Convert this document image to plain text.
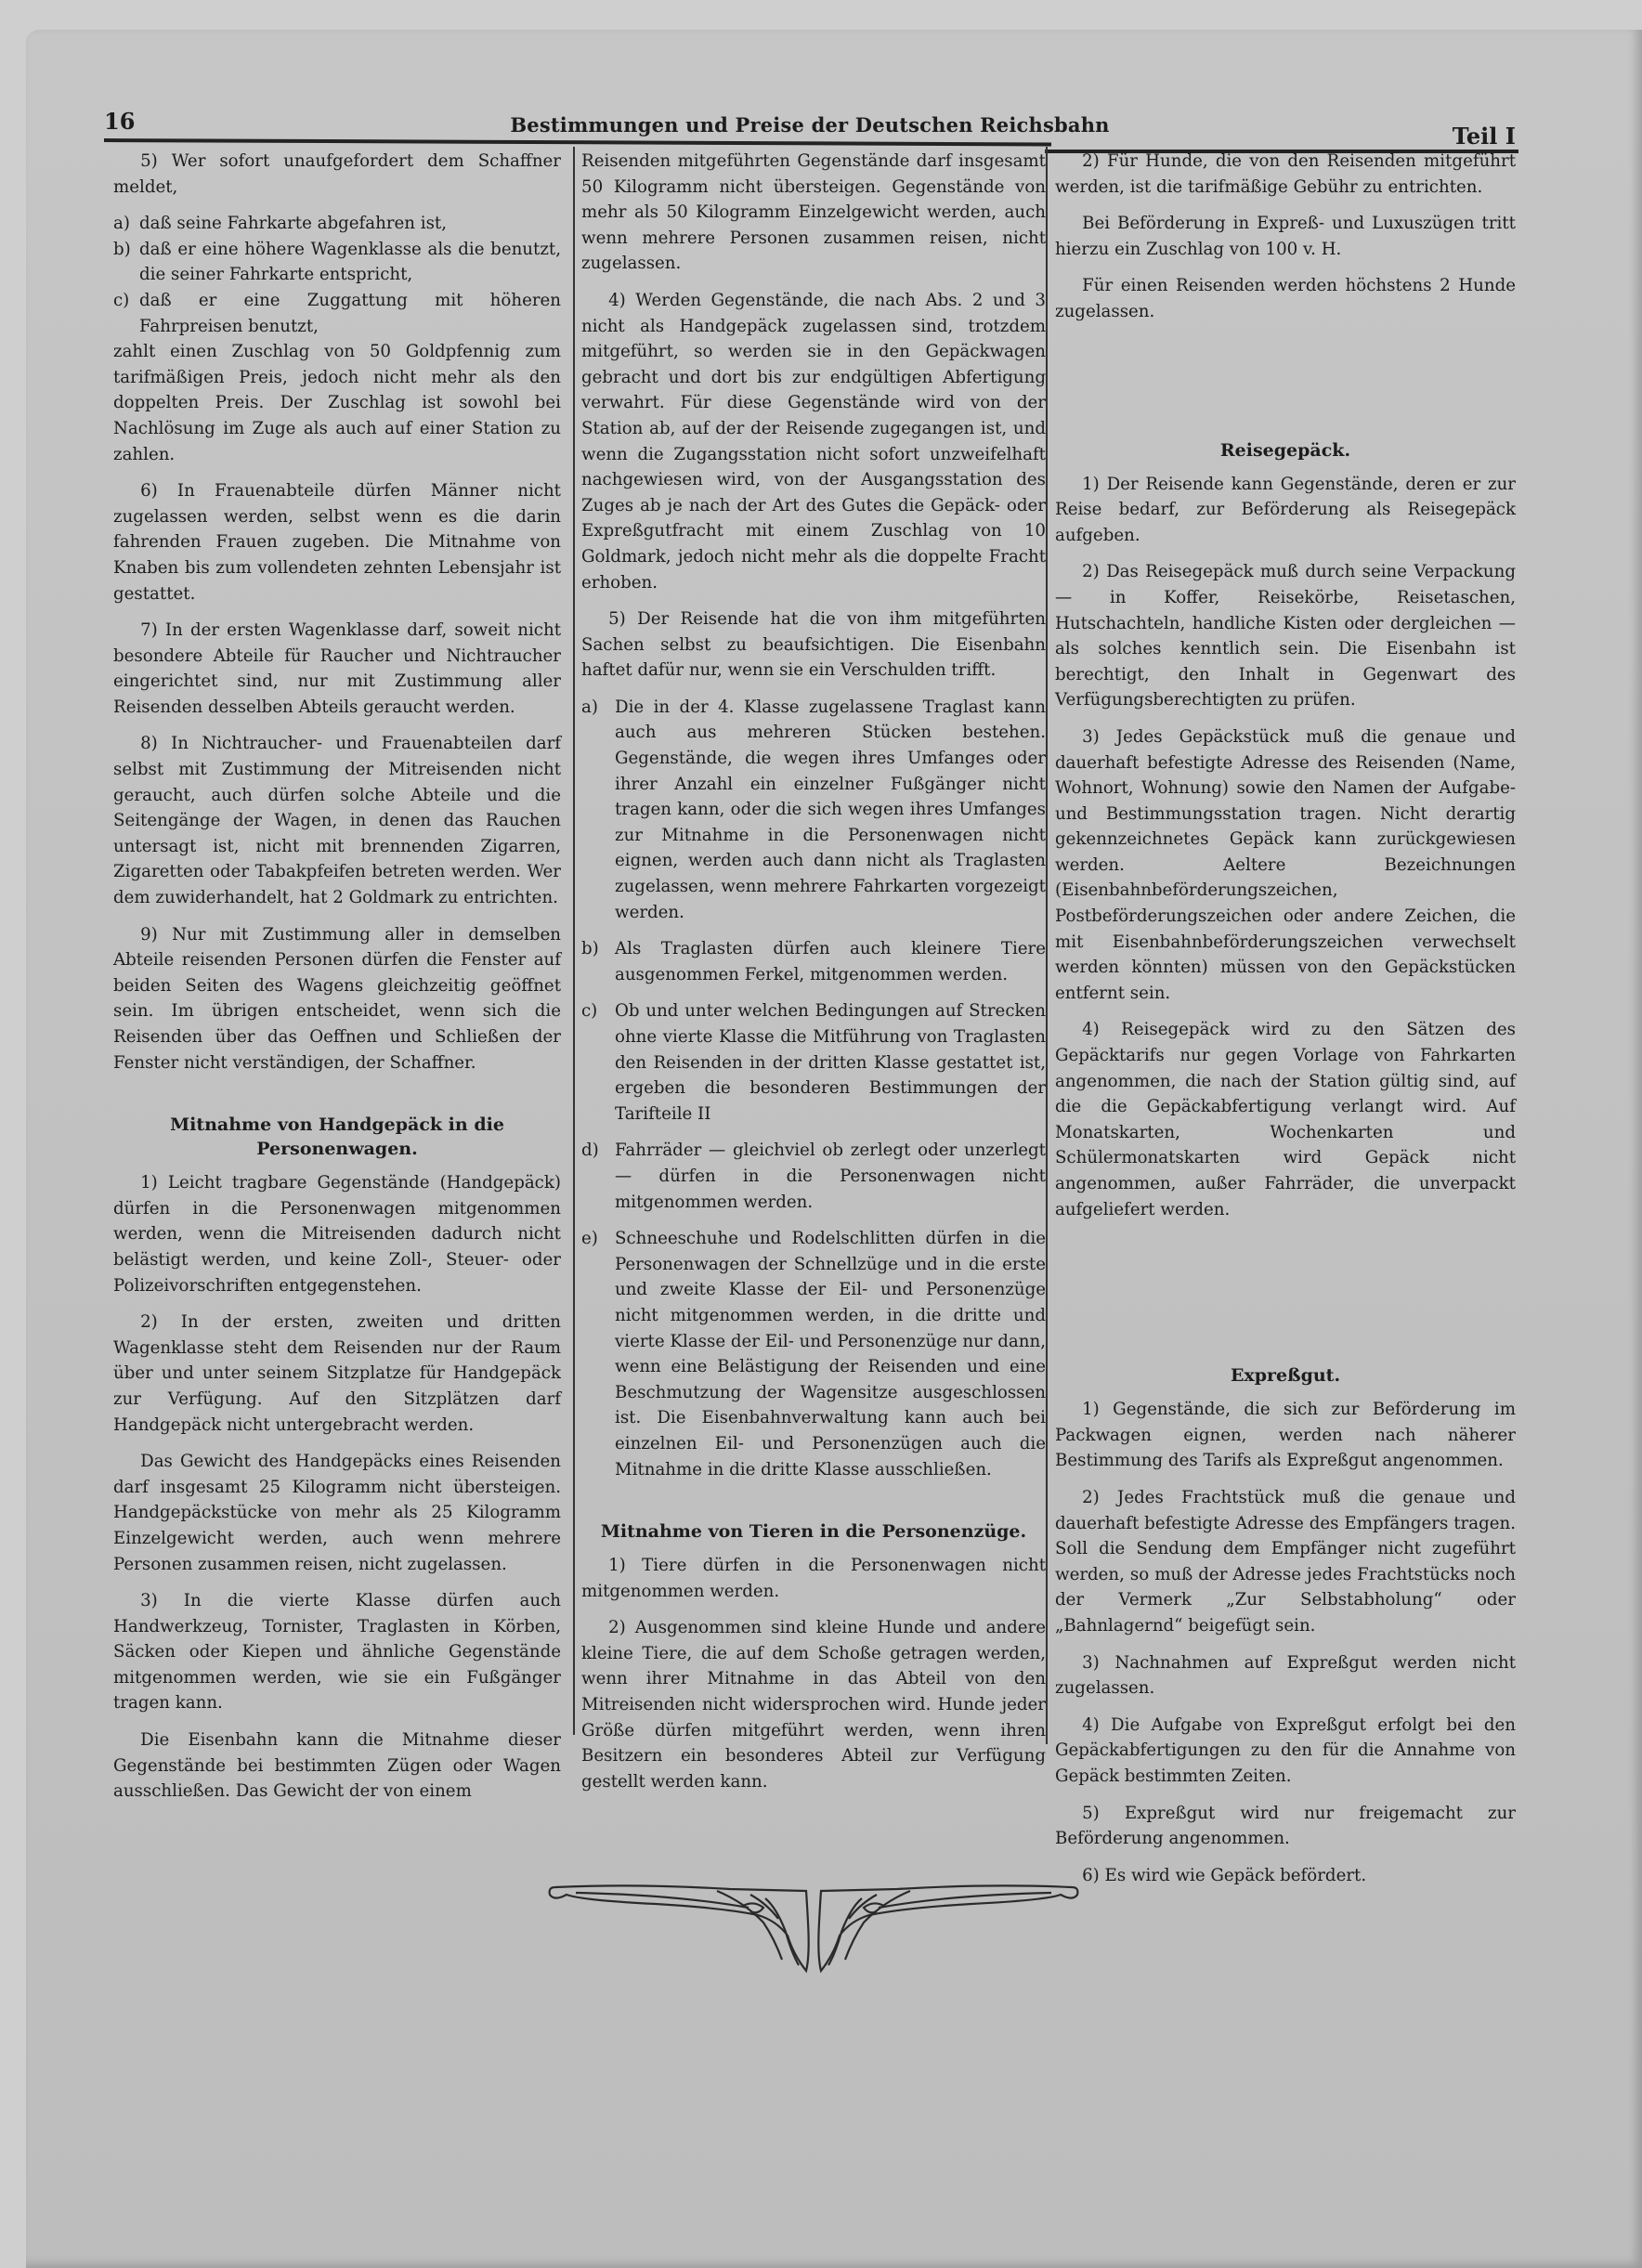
16	Bestimmungen und Preise der Deutschen Reichsbahn	Teil I

5) Wer sofort unaufgefordert dem Schaffner meldet,

a) daß seine Fahrkarte abgefahren ist,
b) daß er eine höhere Wagenklasse als die benutzt, die seiner Fahrkarte entspricht,
c) daß er eine Zuggattung mit höheren Fahrpreisen benutzt,

zahlt einen Zuschlag von 50 Goldpfennig zum tarifmäßigen Preis, jedoch nicht mehr als den doppelten Preis. Der Zuschlag ist sowohl bei Nachlösung im Zuge als auch auf einer Station zu zahlen.

6) In Frauenabteile dürfen Männer nicht zugelassen werden, selbst wenn es die darin fahrenden Frauen zugeben. Die Mitnahme von Knaben bis zum vollendeten zehnten Lebensjahr ist gestattet.

7) In der ersten Wagenklasse darf, soweit nicht besondere Abteile für Raucher und Nichtraucher eingerichtet sind, nur mit Zustimmung aller Reisenden desselben Abteils geraucht werden.

8) In Nichtraucher- und Frauenabteilen darf selbst mit Zustimmung der Mitreisenden nicht geraucht, auch dürfen solche Abteile und die Seitengänge der Wagen, in denen das Rauchen untersagt ist, nicht mit brennenden Zigarren, Zigaretten oder Tabakpfeifen betreten werden. Wer dem zuwiderhandelt, hat 2 Goldmark zu entrichten.

9) Nur mit Zustimmung aller in demselben Abteile reisenden Personen dürfen die Fenster auf beiden Seiten des Wagens gleichzeitig geöffnet sein. Im übrigen entscheidet, wenn sich die Reisenden über das Oeffnen und Schließen der Fenster nicht verständigen, der Schaffner.

Mitnahme von Handgepäck in die Personenwagen.

1) Leicht tragbare Gegenstände (Handgepäck) dürfen in die Personenwagen mitgenommen werden, wenn die Mitreisenden dadurch nicht belästigt werden, und keine Zoll-, Steuer- oder Polizeivorschriften entgegenstehen.

2) In der ersten, zweiten und dritten Wagenklasse steht dem Reisenden nur der Raum über und unter seinem Sitzplatze für Handgepäck zur Verfügung. Auf den Sitzplätzen darf Handgepäck nicht untergebracht werden.

Das Gewicht des Handgepäcks eines Reisenden darf insgesamt 25 Kilogramm nicht übersteigen. Handgepäckstücke von mehr als 25 Kilogramm Einzelgewicht werden, auch wenn mehrere Personen zusammen reisen, nicht zugelassen.

3) In die vierte Klasse dürfen auch Handwerkzeug, Tornister, Traglasten in Körben, Säcken oder Kiepen und ähnliche Gegenstände mitgenommen werden, wie sie ein Fußgänger tragen kann.

Die Eisenbahn kann die Mitnahme dieser Gegenstände bei bestimmten Zügen oder Wagen ausschließen. Das Gewicht der von einem

Reisenden mitgeführten Gegenstände darf insgesamt 50 Kilogramm nicht übersteigen. Gegenstände von mehr als 50 Kilogramm Einzelgewicht werden, auch wenn mehrere Personen zusammen reisen, nicht zugelassen.

4) Werden Gegenstände, die nach Abs. 2 und 3 nicht als Handgepäck zugelassen sind, trotzdem mitgeführt, so werden sie in den Gepäckwagen gebracht und dort bis zur endgültigen Abfertigung verwahrt. Für diese Gegenstände wird von der Station ab, auf der der Reisende zugegangen ist, und wenn die Zugangsstation nicht sofort unzweifelhaft nachgewiesen wird, von der Ausgangsstation des Zuges ab je nach der Art des Gutes die Gepäck- oder Expreßgutfracht mit einem Zuschlag von 10 Goldmark, jedoch nicht mehr als die doppelte Fracht erhoben.

5) Der Reisende hat die von ihm mitgeführten Sachen selbst zu beaufsichtigen. Die Eisenbahn haftet dafür nur, wenn sie ein Verschulden trifft.

a) Die in der 4. Klasse zugelassene Traglast kann auch aus mehreren Stücken bestehen. Gegenstände, die wegen ihres Umfanges oder ihrer Anzahl ein einzelner Fußgänger nicht tragen kann, oder die sich wegen ihres Umfanges zur Mitnahme in die Personenwagen nicht eignen, werden auch dann nicht als Traglasten zugelassen, wenn mehrere Fahrkarten vorgezeigt werden.
b) Als Traglasten dürfen auch kleinere Tiere ausgenommen Ferkel, mitgenommen werden.
c)	Ob und unter welchen Bedingungen auf Strecken ohne vierte Klasse die Mitführung von Traglasten den Reisenden in der dritten Klasse gestattet ist, ergeben die besonderen Bestimmungen der Tarifteile II
d) Fahrräder — gleichviel ob zerlegt oder unzerlegt — dürfen in die Personenwagen nicht mitgenommen werden.
e) Schneeschuhe und Rodelschlitten dürfen in die Personenwagen der Schnellzüge und in die erste und zweite Klasse der Eil- und Personenzüge nicht mitgenommen werden, in die dritte und vierte Klasse der Eil- und Personenzüge nur dann, wenn eine Belästigung der Reisenden und eine Beschmutzung der Wagensitze ausgeschlossen ist. Die Eisenbahnverwaltung kann auch bei einzelnen Eil- und Personenzügen auch die Mitnahme in die dritte Klasse ausschließen.
Mitnahme von Tieren in die Personenzüge.

1) Tiere dürfen in die Personenwagen nicht mitgenommen werden.

2) Ausgenommen sind kleine Hunde und andere kleine Tiere, die auf dem Schoße getragen werden, wenn ihrer Mitnahme in das Abteil von den Mitreisenden nicht widersprochen wird. Hunde jeder Größe dürfen mitgeführt werden, wenn ihren Besitzern ein besonderes Abteil zur Verfügung gestellt werden kann.

2) Für Hunde, die von den Reisenden mitgeführt werden, ist die tarifmäßige Gebühr zu entrichten.

Bei Beförderung in Expreß- und Luxuszügen tritt hierzu ein Zuschlag von 100 v. H.

Für einen Reisenden werden höchstens 2 Hunde zugelassen.

Reisegepäck.

1) Der Reisende kann Gegenstände, deren er zur Reise bedarf, zur Beförderung als Reisegepäck aufgeben.

2) Das Reisegepäck muß durch seine Verpackung — in Koffer, Reisekörbe, Reisetaschen, Hutschachteln, handliche Kisten oder dergleichen — als solches kenntlich sein. Die Eisenbahn ist berechtigt, den Inhalt in Gegenwart des Verfügungsberechtigten zu prüfen.

3) Jedes Gepäckstück muß die genaue und dauerhaft befestigte Adresse des Reisenden (Name, Wohnort, Wohnung) sowie den Namen der Aufgabe- und Bestimmungsstation tragen. Nicht derartig gekennzeichnetes Gepäck kann zurückgewiesen werden. Aeltere Bezeichnungen (Eisenbahnbeförderungszeichen, Postbeförderungszeichen oder andere Zeichen, die mit Eisenbahnbeförderungszeichen verwechselt werden könnten) müssen von den Gepäckstücken entfernt sein.

4) Reisegepäck wird zu den Sätzen des Gepäcktarifs nur gegen Vorlage von Fahrkarten angenommen, die nach der Station gültig sind, auf die die Gepäckabfertigung verlangt wird. Auf Monatskarten, Wochenkarten und Schülermonatskarten wird Gepäck nicht angenommen, außer Fahrräder, die unverpackt aufgeliefert werden.

Expreßgut.

1) Gegenstände, die sich zur Beförderung im Packwagen eignen, werden nach näherer Bestimmung des Tarifs als Expreßgut angenommen.

2) Jedes Frachtstück muß die genaue und dauerhaft befestigte Adresse des Empfängers tragen. Soll die Sendung dem Empfänger nicht zugeführt werden, so muß der Adresse jedes Frachtstücks noch der Vermerk „Zur Selbstabholung“ oder „Bahnlagernd“ beigefügt sein.

3) Nachnahmen auf Expreßgut werden nicht zugelassen.

4) Die Aufgabe von Expreßgut erfolgt bei den Gepäckabfertigungen zu den für die Annahme von Gepäck bestimmten Zeiten.

5) Expreßgut wird nur freigemacht zur Beförderung angenommen.

6) Es wird wie Gepäck befördert.
